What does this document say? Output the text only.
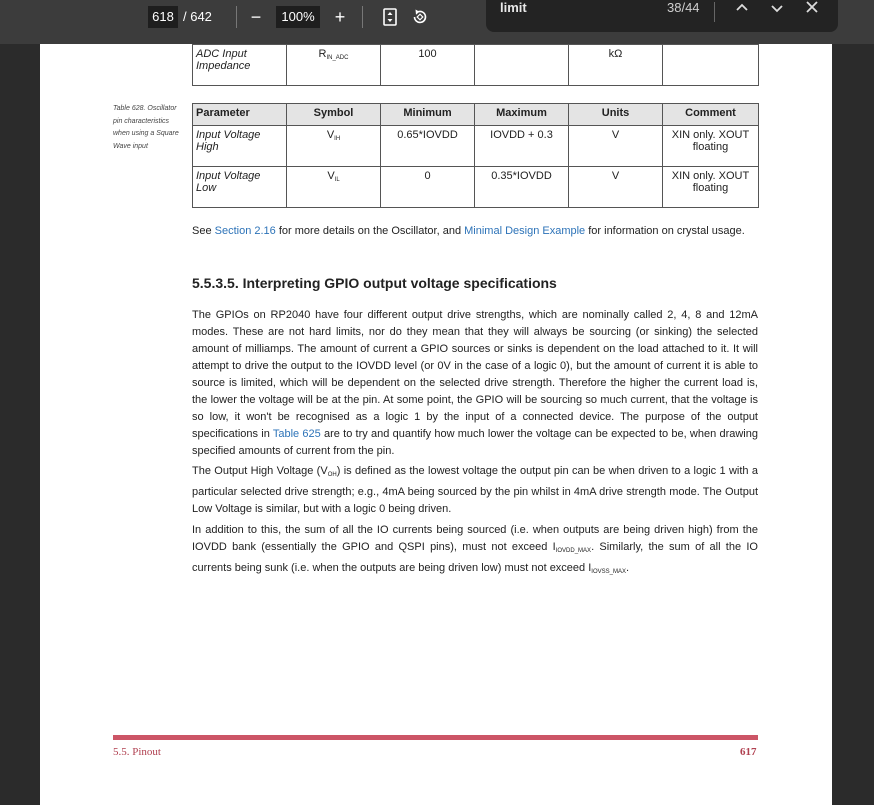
618 / 642 −	100% +	limit	38/44
ADC Input Impedance	$R_{IN\_ADC}$	100		kΩ	
Table 628. Oscillator pin characteristics when using a Square Wave input
Parameter	Symbol	Minimum	Maximum	Units	Comment
Input Voltage High	$V_{IH}$	0.65*IOVDD	IOVDD + 0.3	V	XIN only. XOUT floating
Input Voltage Low	$V_{IL}$	0	0.35*IOVDD	V	XIN only. XOUT floating
See Section 2.16 for more details on the Oscillator, and Minimal Design Example for information on crystal usage.
5.5.3.5. Interpreting GPIO output voltage specifications

The GPIOs on RP2040 have four different output drive strengths, which are nominally called 2, 4, 8 and 12mA modes. These are not hard limits, nor do they mean that they will always be sourcing (or sinking) the selected amount of milliamps. The amount of current a GPIO sources or sinks is dependent on the load attached to it. It will attempt to drive the output to the IOVDD level (or 0V in the case of a logic 0), but the amount of current it is able to source is limited, which will be dependent on the selected drive strength. Therefore the higher the current load is, the lower the voltage will be at the pin. At some point, the GPIO will be sourcing so much current, that the voltage is so low, it won't be recognised as a logic 1 by the input of a connected device. The purpose of the output specifications in Table 625 are to try and quantify how much lower the voltage can be expected to be, when drawing specified amounts of current from the pin.

The Output High Voltage $(V_{OH})$ is defined as the lowest voltage the output pin can be when driven to a logic 1 with a particular selected drive strength; e.g., 4mA being sourced by the pin whilst in 4mA drive strength mode. The Output Low Voltage is similar, but with a logic 0 being driven.

In addition to this, the sum of all the IO currents being sourced (i.e. when outputs are being driven high) from the IOVDD bank (essentially the GPIO and QSPI pins), must not exceed $I_{IOVDD\_MAX}$. Similarly, the sum of all the IO currents being sunk (i.e. when the outputs are being driven low) must not exceed $I_{IOVSS\_MAX}$.

5.5. Pinout	617
